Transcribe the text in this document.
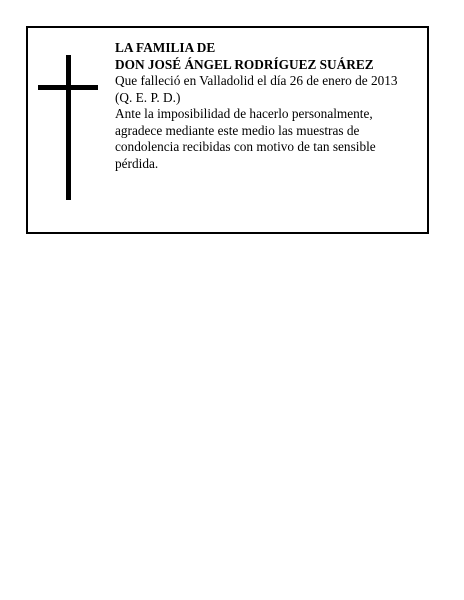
LA FAMILIA DE
DON JOSÉ ÁNGEL RODRÍGUEZ SUÁREZ
Que falleció en Valladolid el día 26 de enero de 2013
(Q. E. P. D.)
Ante la imposibilidad de hacerlo personalmente, agradece mediante este medio las muestras de condolencia recibidas con motivo de tan sensible pérdida.
